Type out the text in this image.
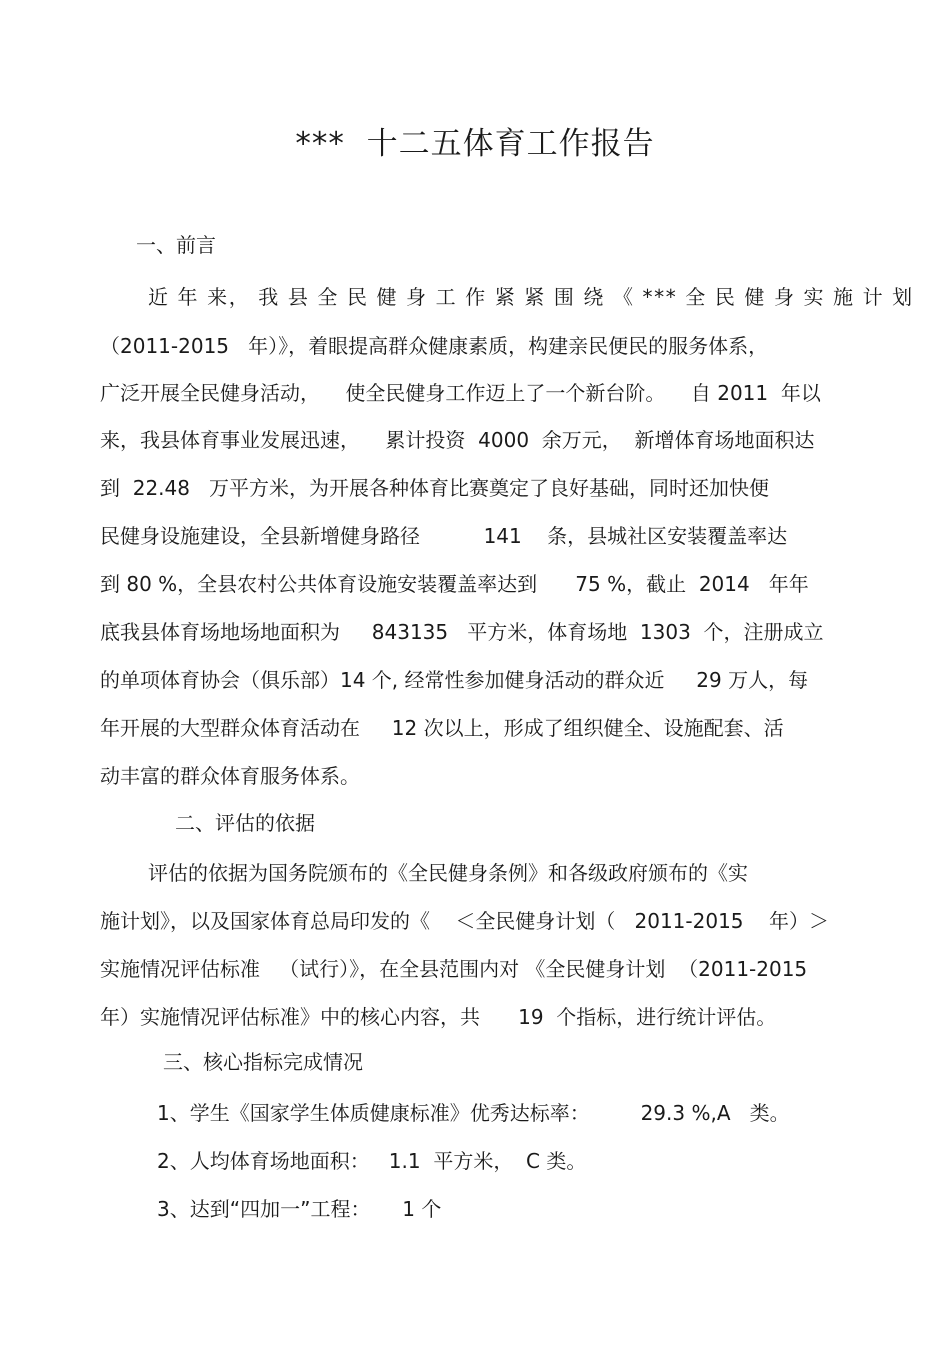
***  十二五体育工作报告
一、前言

近 年 来， 我 县 全 民 健 身 工 作 紧 紧 围 绕 《 *** 全 民 健 身 实 施 计 划

（2011-2015   年）》，着眼提高群众健康素质，构建亲民便民的服务体系，

广泛开展全民健身活动，    使全民健身工作迈上了一个新台阶。    自 2011  年以

来，我县体育事业发展迅速，    累计投资  4000  余万元，  新增体育场地面积达

到  22.48   万平方米，为开展各种体育比赛奠定了良好基础，同时还加快便

民健身设施建设，全县新增健身路径          141    条，县城社区安装覆盖率达

到 80 %，全县农村公共体育设施安装覆盖率达到      75 %，截止  2014   年年

底我县体育场地场地面积为     843135   平方米，体育场地  1303  个，注册成立

的单项体育协会（俱乐部）14 个, 经常性参加健身活动的群众近     29 万人，每

年开展的大型群众体育活动在     12 次以上，形成了组织健全、设施配套、活

动丰富的群众体育服务体系。

二、评估的依据

评估的依据为国务院颁布的《全民健身条例》和各级政府颁布的《实

施计划》，以及国家体育总局印发的《    ＜全民健身计划（   2011-2015    年）＞

实施情况评估标准   （试行）》，在全县范围内对 《全民健身计划  （2011-2015

年）实施情况评估标准》中的核心内容，共      19  个指标，进行统计评估。

三、核心指标完成情况

1、学生《国家学生体质健康标准》优秀达标率：        29.3 %,A   类。

2、人均体育场地面积：   1.1  平方米，  C 类。

3、达到“四加一”工程：     1 个
